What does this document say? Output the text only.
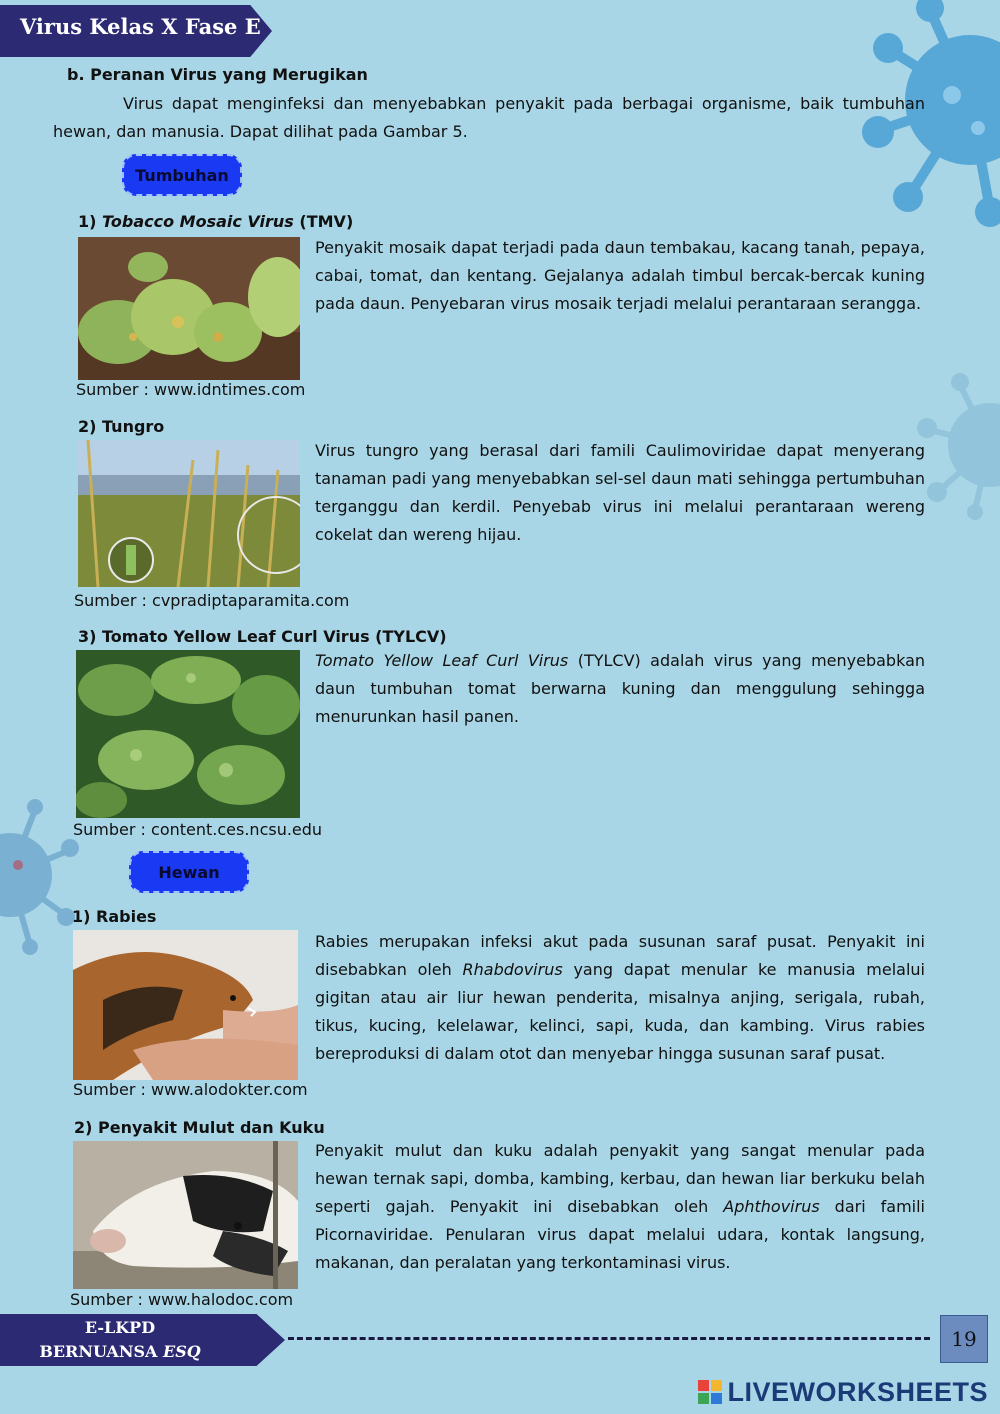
Virus Kelas X Fase E
b. Peranan Virus yang Merugikan
Virus dapat menginfeksi dan menyebabkan penyakit pada berbagai organisme, baik tumbuhan hewan, dan manusia. Dapat dilihat pada Gambar 5.
Tumbuhan
1) Tobacco Mosaic Virus (TMV)
Penyakit mosaik dapat terjadi pada daun tembakau, kacang tanah, pepaya, cabai, tomat, dan kentang. Gejalanya adalah timbul bercak-bercak kuning pada daun. Penyebaran virus mosaik terjadi melalui perantaraan serangga.
Sumber : www.idntimes.com
2) Tungro
Virus tungro yang berasal dari famili Caulimoviridae dapat menyerang tanaman padi yang menyebabkan sel-sel daun mati sehingga pertumbuhan terganggu dan kerdil. Penyebab virus ini melalui perantaraan wereng cokelat dan wereng hijau.
Sumber : cvpradiptaparamita.com
3) Tomato Yellow Leaf Curl Virus (TYLCV)
Tomato Yellow Leaf Curl Virus (TYLCV) adalah virus yang menyebabkan daun tumbuhan tomat berwarna kuning dan menggulung sehingga menurunkan hasil panen.
Sumber : content.ces.ncsu.edu
Hewan
1) Rabies
Rabies merupakan infeksi akut pada susunan saraf pusat. Penyakit ini disebabkan oleh Rhabdovirus yang dapat menular ke manusia melalui gigitan atau air liur hewan penderita, misalnya anjing, serigala, rubah, tikus, kucing, kelelawar, kelinci, sapi, kuda, dan kambing. Virus rabies bereproduksi di dalam otot dan menyebar hingga susunan saraf pusat.
Sumber : www.alodokter.com
2) Penyakit Mulut dan Kuku
Penyakit mulut dan kuku adalah penyakit yang sangat menular pada hewan ternak sapi, domba, kambing, kerbau, dan hewan liar berkuku belah seperti gajah. Penyakit ini disebabkan oleh Aphthovirus dari famili Picornaviridae. Penularan virus dapat melalui udara, kontak langsung, makanan, dan peralatan yang terkontaminasi virus.
Sumber : www.halodoc.com
E-LKPD
BERNUANSA ESQ
19
LIVEWORKSHEETS
